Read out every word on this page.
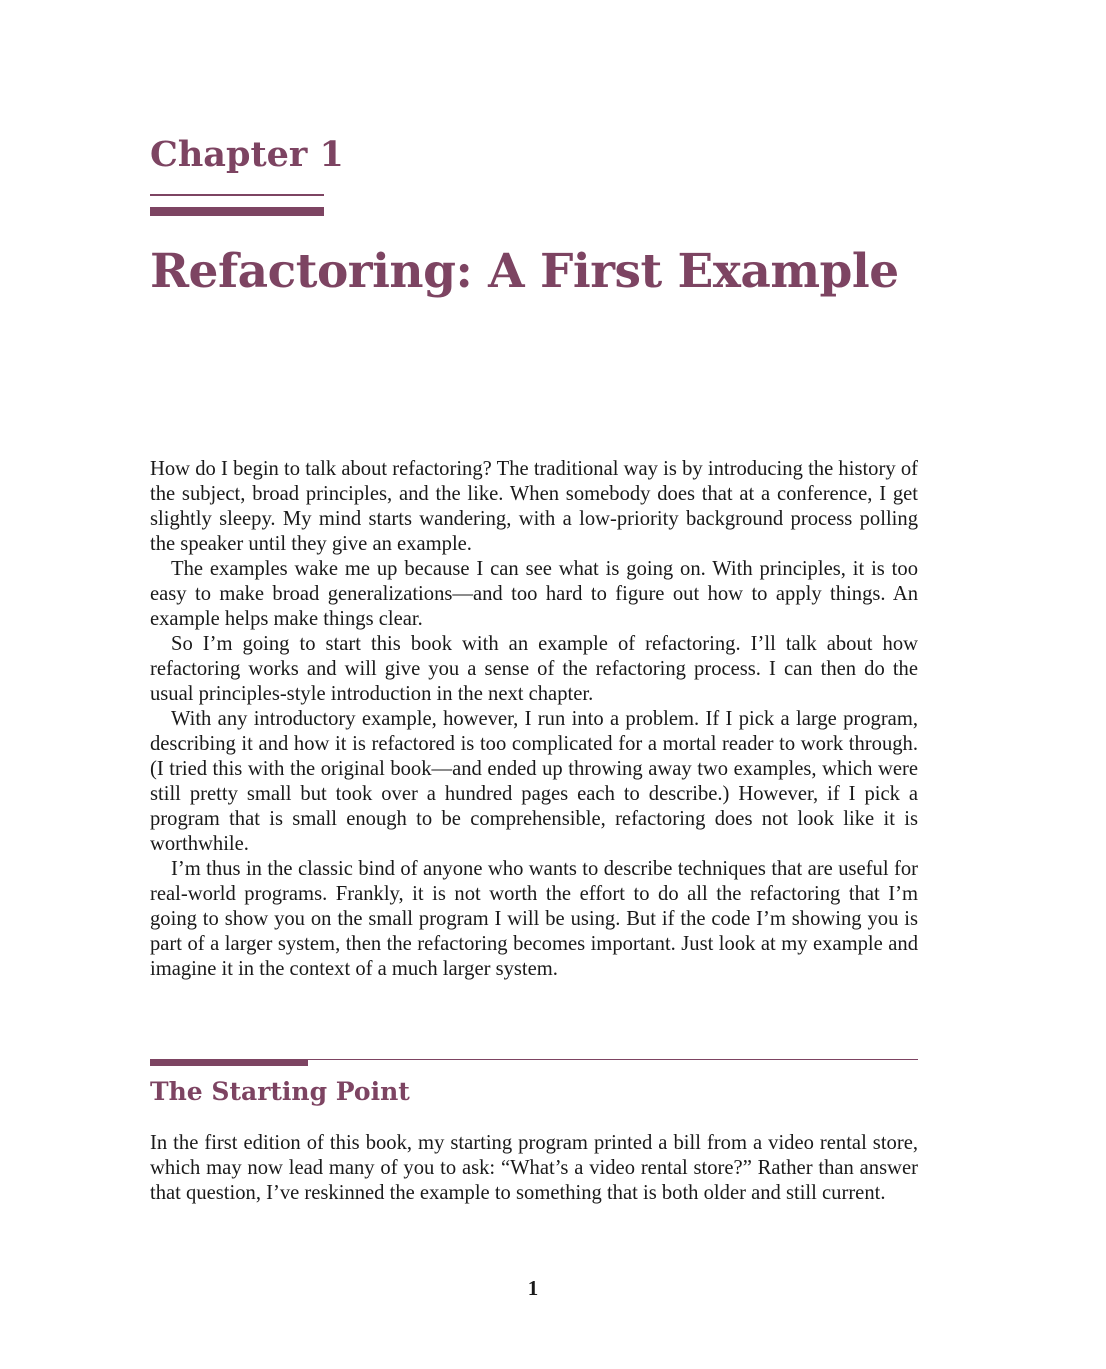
Chapter 1
Refactoring: A First Example

How do I begin to talk about refactoring? The traditional way is by introducing the history of the subject, broad principles, and the like. When somebody does that at a conference, I get slightly sleepy. My mind starts wandering, with a low-priority background process polling the speaker until they give an example.

The examples wake me up because I can see what is going on. With principles, it is too easy to make broad generalizations—and too hard to figure out how to apply things. An example helps make things clear.

So I’m going to start this book with an example of refactoring. I’ll talk about how refactoring works and will give you a sense of the refactoring process. I can then do the usual principles-style introduction in the next chapter.

With any introductory example, however, I run into a problem. If I pick a large program, describing it and how it is refactored is too complicated for a mortal reader to work through. (I tried this with the original book—and ended up throwing away two examples, which were still pretty small but took over a hundred pages each to describe.) However, if I pick a program that is small enough to be comprehensible, refactoring does not look like it is worthwhile.

I’m thus in the classic bind of anyone who wants to describe techniques that are useful for real-world programs. Frankly, it is not worth the effort to do all the refactoring that I’m going to show you on the small program I will be using. But if the code I’m showing you is part of a larger system, then the refactoring becomes important. Just look at my example and imagine it in the context of a much larger system.

The Starting Point

In the first edition of this book, my starting program printed a bill from a video rental store, which may now lead many of you to ask: “What’s a video rental store?” Rather than answer that question, I’ve reskinned the example to something that is both older and still current.

1
